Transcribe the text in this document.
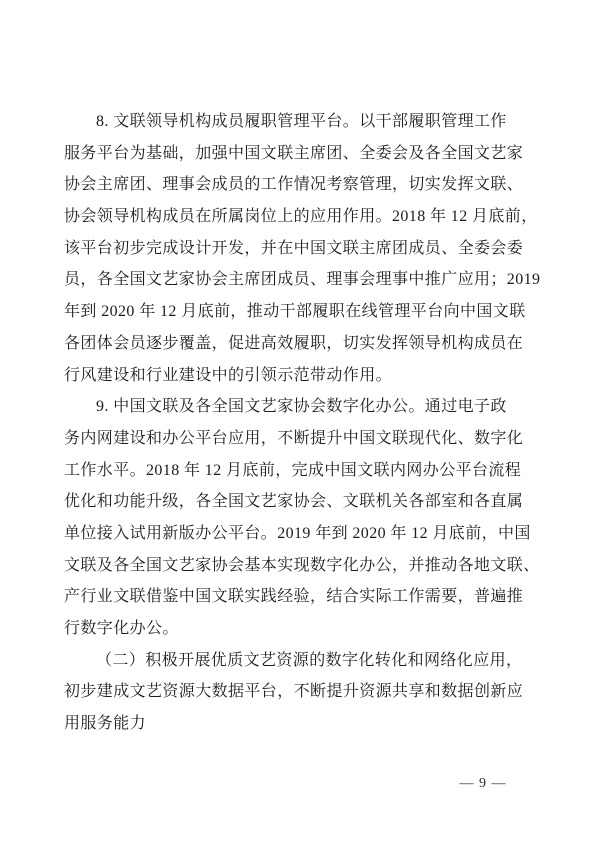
8. 文联领导机构成员履职管理平台。以干部履职管理工作
服务平台为基础，加强中国文联主席团、全委会及各全国文艺家
协会主席团、理事会成员的工作情况考察管理，切实发挥文联、
协会领导机构成员在所属岗位上的应用作用。2018 年 12 月底前，
该平台初步完成设计开发，并在中国文联主席团成员、全委会委
员，各全国文艺家协会主席团成员、理事会理事中推广应用；2019
年到 2020 年 12 月底前，推动干部履职在线管理平台向中国文联
各团体会员逐步覆盖，促进高效履职，切实发挥领导机构成员在
行风建设和行业建设中的引领示范带动作用。
9. 中国文联及各全国文艺家协会数字化办公。通过电子政
务内网建设和办公平台应用，不断提升中国文联现代化、数字化
工作水平。2018 年 12 月底前，完成中国文联内网办公平台流程
优化和功能升级，各全国文艺家协会、文联机关各部室和各直属
单位接入试用新版办公平台。2019 年到 2020 年 12 月底前，中国
文联及各全国文艺家协会基本实现数字化办公，并推动各地文联、
产行业文联借鉴中国文联实践经验，结合实际工作需要，普遍推
行数字化办公。
（二）积极开展优质文艺资源的数字化转化和网络化应用，
初步建成文艺资源大数据平台，不断提升资源共享和数据创新应
用服务能力
— 9 —
